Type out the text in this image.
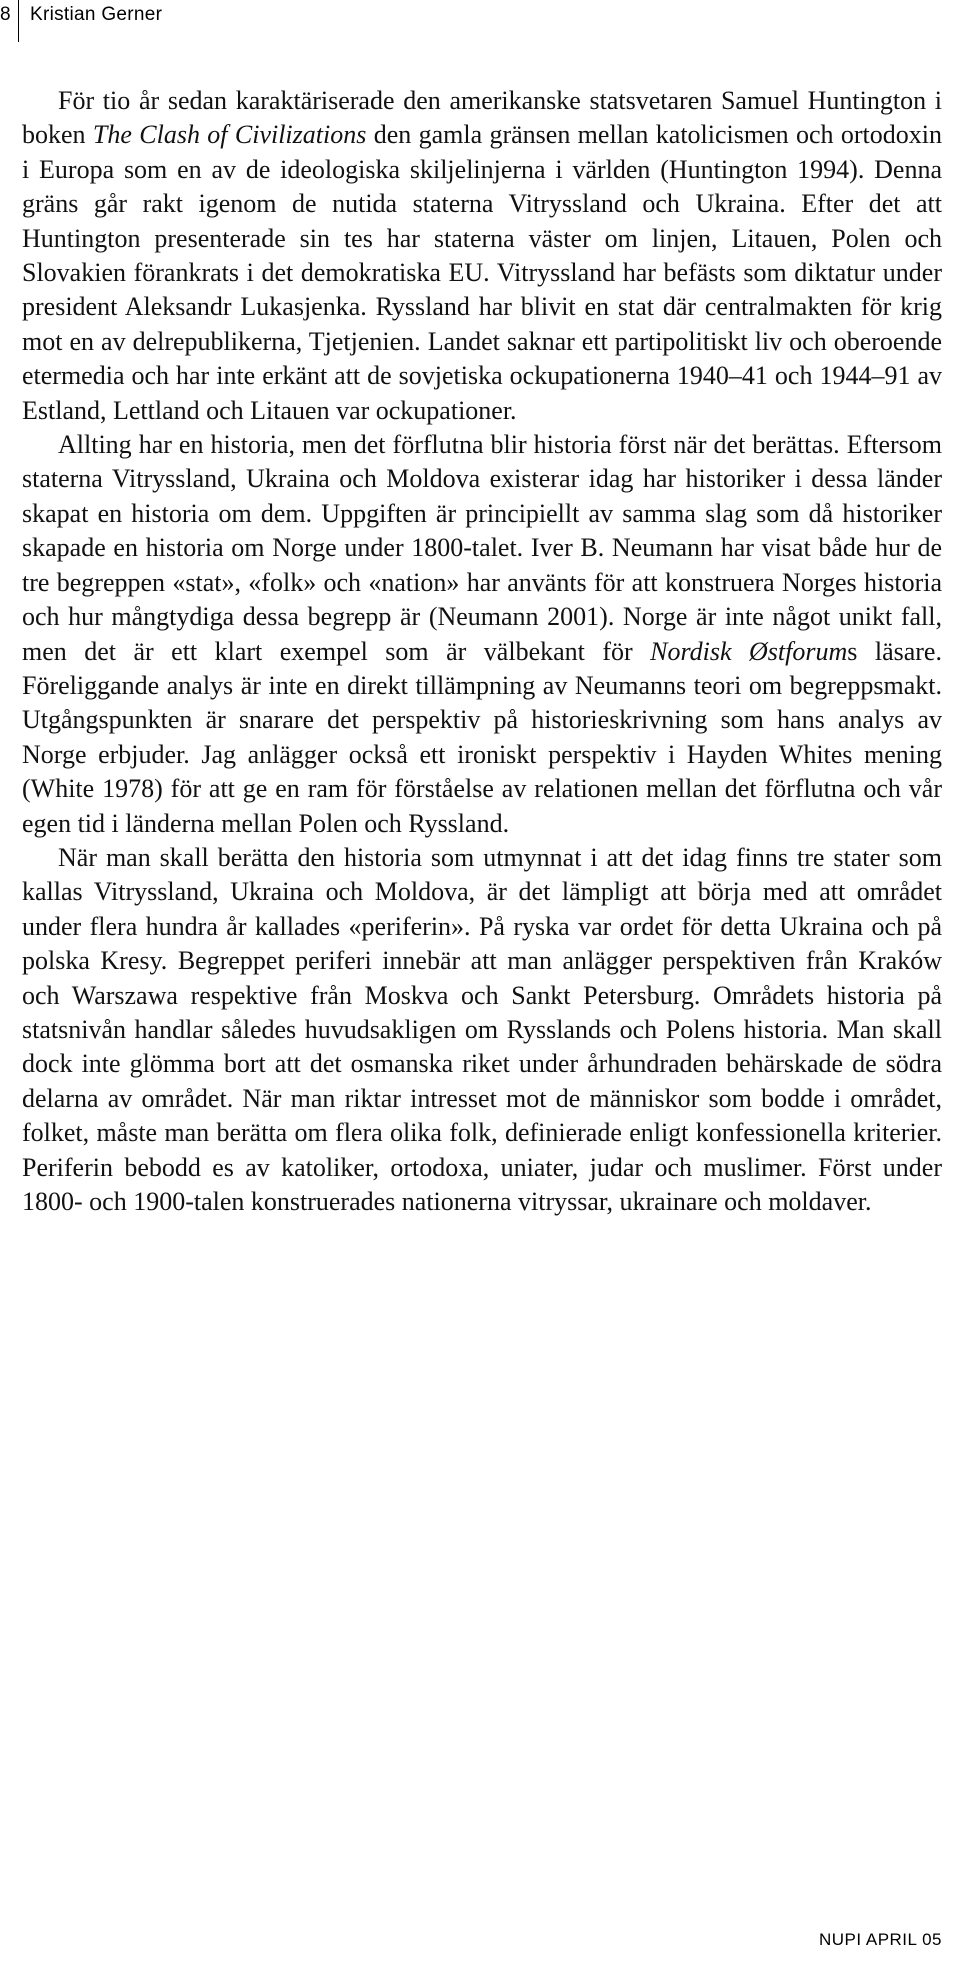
8 Kristian Gerner

För tio år sedan karaktäriserade den amerikanske statsvetaren Samuel Huntington i boken The Clash of Civilizations den gamla gränsen mellan katolicismen och ortodoxin i Europa som en av de ideologiska skiljelinjerna i världen (Huntington 1994). Denna gräns går rakt igenom de nutida staterna Vitryssland och Ukraina. Efter det att Huntington presenterade sin tes har staterna väster om linjen, Litauen, Polen och Slovakien förankrats i det demokratiska EU. Vitryssland har befästs som diktatur under president Aleksandr Lukasjenka. Ryssland har blivit en stat där centralmakten för krig mot en av delrepublikerna, Tjetjenien. Landet saknar ett partipolitiskt liv och oberoende etermedia och har inte erkänt att de sovjetiska ockupationerna 1940–41 och 1944–91 av Estland, Lettland och Litauen var ockupationer.

Allting har en historia, men det förflutna blir historia först när det berättas. Eftersom staterna Vitryssland, Ukraina och Moldova existerar idag har historiker i dessa länder skapat en historia om dem. Uppgiften är principiellt av samma slag som då historiker skapade en historia om Norge under 1800-talet. Iver B. Neumann har visat både hur de tre begreppen «stat», «folk» och «nation» har använts för att konstruera Norges historia och hur mångtydiga dessa begrepp är (Neumann 2001). Norge är inte något unikt fall, men det är ett klart exempel som är välbekant för Nordisk Østforums läsare. Föreliggande analys är inte en direkt tillämpning av Neumanns teori om begreppsmakt. Utgångspunkten är snarare det perspektiv på historieskrivning som hans analys av Norge erbjuder. Jag anlägger också ett ironiskt perspektiv i Hayden Whites mening (White 1978) för att ge en ram för förståelse av relationen mellan det förflutna och vår egen tid i länderna mellan Polen och Ryssland.

När man skall berätta den historia som utmynnat i att det idag finns tre stater som kallas Vitryssland, Ukraina och Moldova, är det lämpligt att börja med att området under flera hundra år kallades «periferin». På ryska var ordet för detta Ukraina och på polska Kresy. Begreppet periferi innebär att man anlägger perspektiven från Kraków och Warszawa respektive från Moskva och Sankt Petersburg. Områdets historia på statsnivån handlar således huvudsakligen om Rysslands och Polens historia. Man skall dock inte glömma bort att det osmanska riket under århundraden behärskade de södra delarna av området. När man riktar intresset mot de människor som bodde i området, folket, måste man berätta om flera olika folk, definierade enligt konfessionella kriterier. Periferin bebodd es av katoliker, ortodoxa, uniater, judar och muslimer. Först under 1800- och 1900-talen konstruerades nationerna vitryssar, ukrainare och moldaver.

NUPI APRIL 05
